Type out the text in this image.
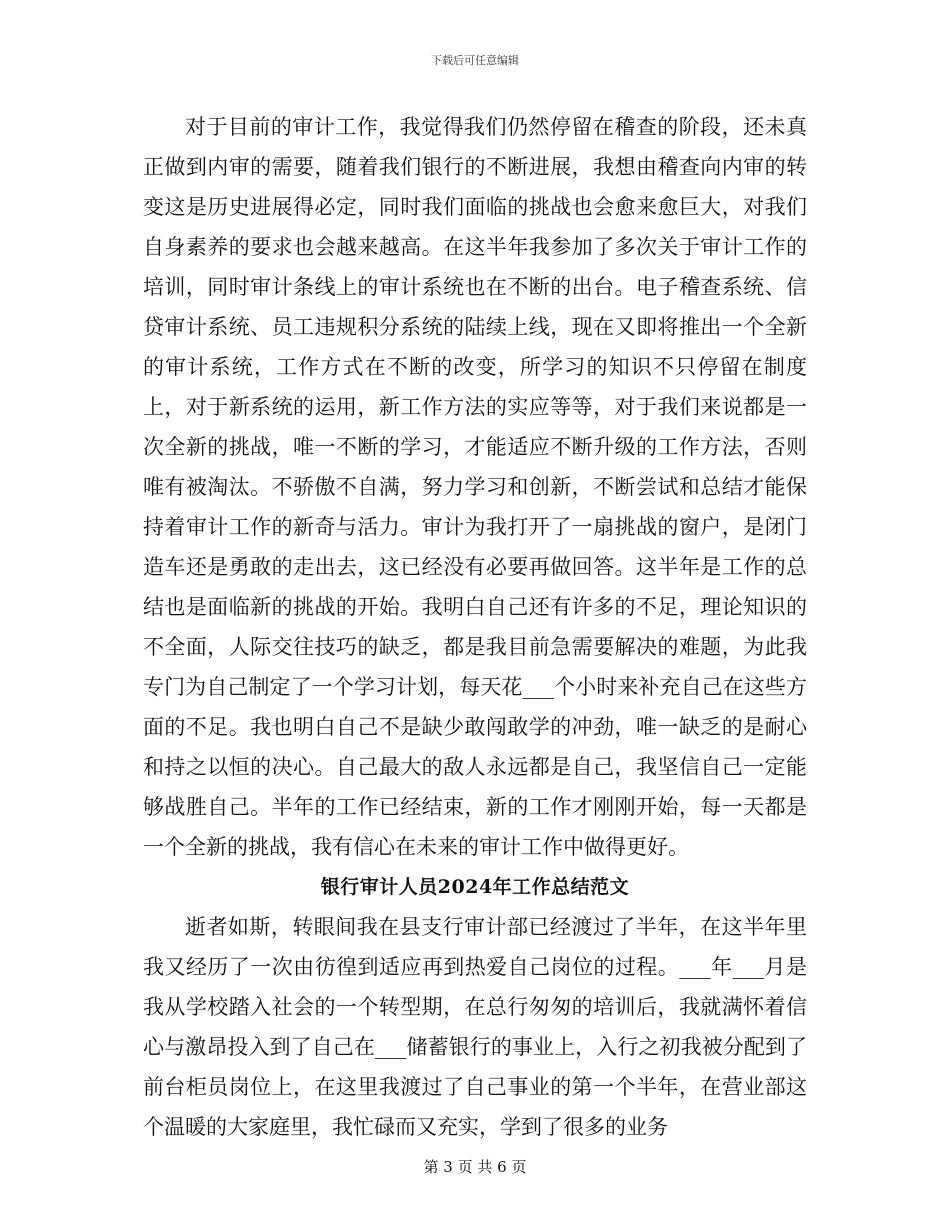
下载后可任意编辑

对于目前的审计工作，我觉得我们仍然停留在稽查的阶段，还未真正做到内审的需要，随着我们银行的不断进展，我想由稽查向内审的转变这是历史进展得必定，同时我们面临的挑战也会愈来愈巨大，对我们自身素养的要求也会越来越高。在这半年我参加了多次关于审计工作的培训，同时审计条线上的审计系统也在不断的出台。电子稽查系统、信贷审计系统、员工违规积分系统的陆续上线，现在又即将推出一个全新的审计系统，工作方式在不断的改变，所学习的知识不只停留在制度上，对于新系统的运用，新工作方法的实应等等，对于我们来说都是一次全新的挑战，唯一不断的学习，才能适应不断升级的工作方法，否则唯有被淘汰。不骄傲不自满，努力学习和创新，不断尝试和总结才能保持着审计工作的新奇与活力。审计为我打开了一扇挑战的窗户，是闭门造车还是勇敢的走出去，这已经没有必要再做回答。这半年是工作的总结也是面临新的挑战的开始。我明白自己还有许多的不足，理论知识的不全面，人际交往技巧的缺乏，都是我目前急需要解决的难题，为此我专门为自己制定了一个学习计划，每天花___个小时来补充自己在这些方面的不足。我也明白自己不是缺少敢闯敢学的冲劲，唯一缺乏的是耐心和持之以恒的决心。自己最大的敌人永远都是自己，我坚信自己一定能够战胜自己。半年的工作已经结束，新的工作才刚刚开始，每一天都是一个全新的挑战，我有信心在未来的审计工作中做得更好。

银行审计人员2024年工作总结范文

逝者如斯，转眼间我在县支行审计部已经渡过了半年，在这半年里我又经历了一次由彷徨到适应再到热爱自己岗位的过程。___年___月是我从学校踏入社会的一个转型期，在总行匆匆的培训后，我就满怀着信心与激昂投入到了自己在___储蓄银行的事业上，入行之初我被分配到了前台柜员岗位上，在这里我渡过了自己事业的第一个半年，在营业部这个温暖的大家庭里，我忙碌而又充实，学到了很多的业务

第 3 页 共 6 页
